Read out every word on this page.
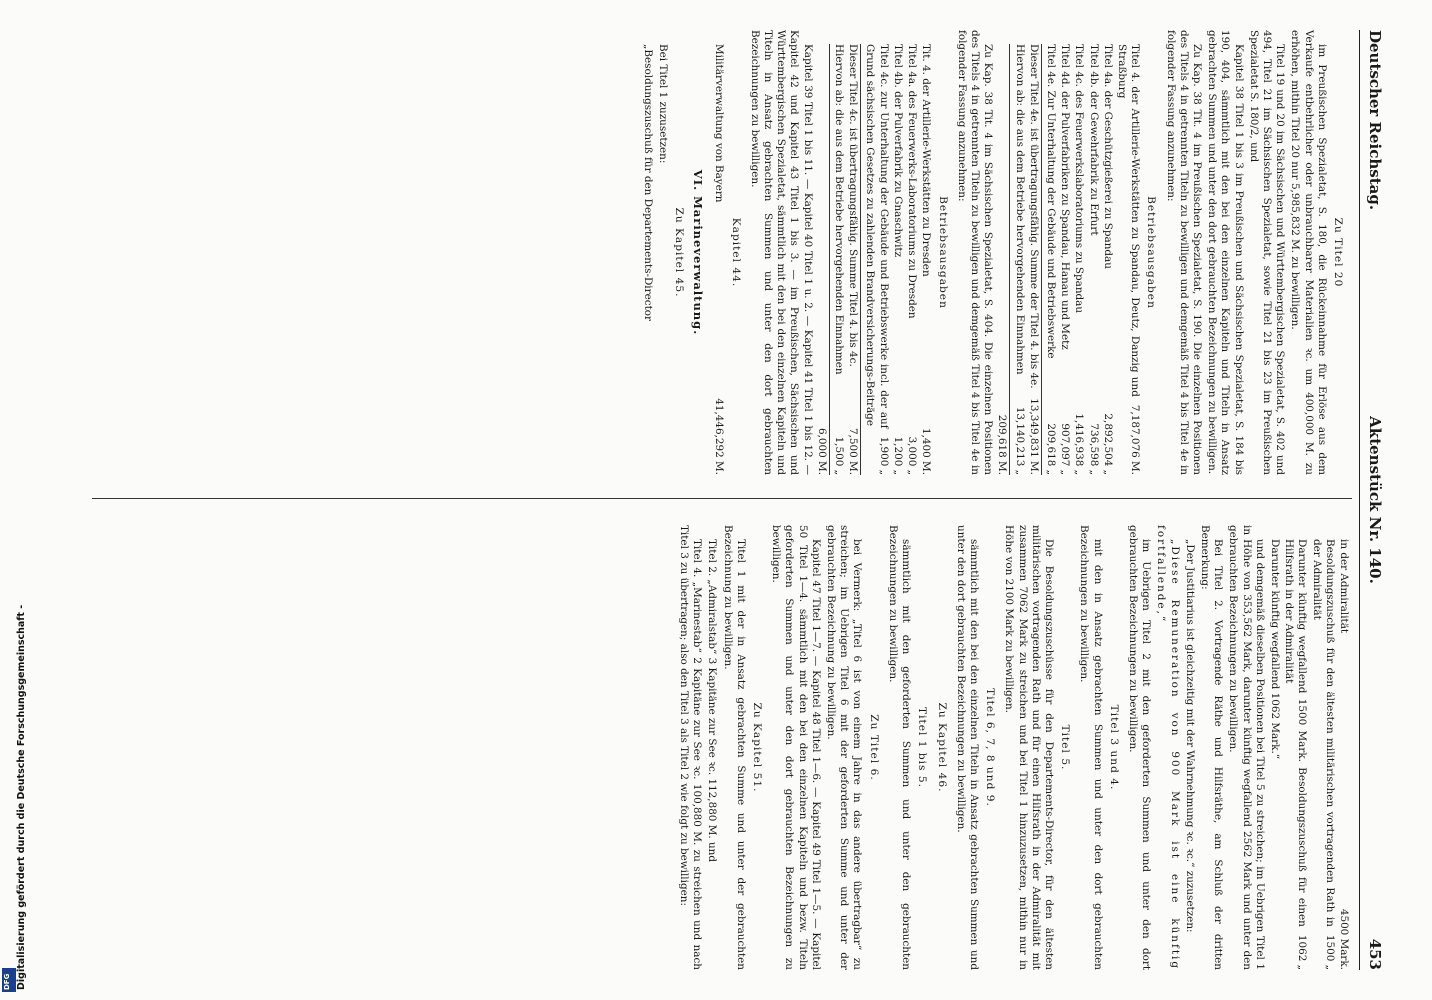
Deutscher Reichstag.
Aktenstück Nr. 140.
453
Zu Titel 20

im Preußischen Spezialetat, S. 180, die Rückeinnahme für Erlöse aus dem Verkaufe entbehrlicher oder unbrauchbarer Materialien ꝛc. um 400,000 M. zu erhöhen, mithin Titel 20 nur 5,985,832 M. zu bewilligen.

Titel 19 und 20 im Sächsischen und Württembergischen Spezialetat, S. 402 und 494, Titel 21 im Sächsischen Spezialetat, sowie Titel 21 bis 23 im Preußischen Spezialetat S. 180/2, und

Kapitel 38 Titel 1 bis 3 im Preußischen und Sächsischen Spezialetat, S. 184 bis 190, 404, sämmtlich mit den bei den einzelnen Kapiteln und Titeln in Ansatz gebrachten Summen und unter den dort gebrauchten Bezeichnungen zu bewilligen.

Zu Kap. 38 Tit. 4 im Preußischen Spezialetat, S. 190. Die einzelnen Positionen des Titels 4 in getrennten Titeln zu bewilligen und demgemäß Titel 4 bis Titel 4e in folgender Fassung anzunehmen:

Betriebsausgaben
Titel 4. der Artillerie-Werkstätten zu Spandau, Deutz, Danzig und Straßburg
7,187,076 M.
Titel 4a. der Geschützgießerei zu Spandau
2,892,504 „
Titel 4b. der Gewehrfabrik zu Erfurt
736,598 „
Titel 4c. des Feuerwerkslaboratoriums zu Spandau
1,416,938 „
Titel 4d. der Pulverfabriken zu Spandau, Hanau und Metz
907,097 „
Titel 4e. Zur Unterhaltung der Gebäude und Betriebswerke
209,618 „
Dieser Titel 4e. ist übertragungsfähig. Summe der Titel 4. bis 4e.
13,349,831 M.
Hiervon ab: die aus dem Betriebe hervorgehenden Einnahmen
13,140,213 „
209,618 M.

Zu Kap. 38 Tit. 4 im Sächsischen Spezialetat, S. 404. Die einzelnen Positionen des Titels 4 in getrennten Titeln zu bewilligen und demgemäß Titel 4 bis Titel 4e in folgender Fassung anzunehmen:

Betriebsausgaben
Tit. 4. der Artillerie-Werkstätten zu Dresden
1,400 M.
Titel 4a. des Feuerwerks-Laboratoriums zu Dresden
3,000 „
Titel 4b. der Pulverfabrik zu Gnaschwitz
1,200 „
Titel 4c. zur Unterhaltung der Gebäude und Betriebswerke incl. der auf Grund sächsischen Gesetzes zu zahlenden Brandversicherungs-Beiträge
1,900 „
Dieser Titel 4c. ist übertragungsfähig. Summe Titel 4. bis 4c.
7,500 M.
Hiervon ab: die aus dem Betriebe hervorgehenden Einnahmen
1,500 „
6,000 M.

Kapitel 39 Titel 1 bis 11. — Kapitel 40 Titel 1 u. 2. — Kapitel 41 Titel 1 bis 12. — Kapitel 42 und Kapitel 43 Titel 1 bis 3. — im Preußischen, Sächsischen und Württembergischen Spezialetat, sämmtlich mit den bei den einzelnen Kapiteln und Titeln in Ansatz gebrachten Summen und unter den dort gebrauchten Bezeichnungen zu bewilligen.

Kapitel 44.
Militärverwaltung von Bayern
41,446,292 M.
VI. Marineverwaltung.
Zu Kapitel 45.

Bei Titel 1 zuzusetzen:

„Besoldungszuschuß für den Departements-Director

in der Admiralität
4500 Mark.
Besoldungszuschuß für den ältesten militärischen vortragenden Rath in der Admiralität
1500 „
Darunter künftig wegfallend 1500 Mark. Besoldungszuschuß für einen Hilfsrath in der Admiralität
1062 „

Darunter künftig wegfallend 1062 Mark.“

und demgemäß dieselben Positionen bei Titel 5 zu streichen; im Uebrigen Titel 1 in Höhe von 353,562 Mark, darunter künftig wegfallend 2562 Mark und unter den gebrauchten Bezeichnungen zu bewilligen.

Bei Titel 2. Vortragende Räthe und Hilfsräthe, am Schluß der dritten Bemerkung:

„Der Justitiarius ist gleichzeitig mit der Wahrnehmung ꝛc. ꝛc.“ zuzusetzen:

„Diese Remuneration von 900 Mark ist eine künftig fortfallende,“

im Uebrigen Titel 2 mit den geforderten Summen und unter den dort gebrauchten Bezeichnungen zu bewilligen.

Titel 3 und 4.

mit den in Ansatz gebrachten Summen und unter den dort gebrauchten Bezeichnungen zu bewilligen.

Titel 5.

Die Besoldungszuschüsse für den Departements-Director, für den ältesten militärischen vortragenden Rath und für einen Hilfsrath in der Admiralität mit zusammen 7062 Mark zu streichen und bei Titel 1 hinzuzusetzen, mithin nur in Höhe von 2100 Mark zu bewilligen.

Titel 6, 7, 8 und 9.

sämmtlich mit den bei den einzelnen Titeln in Ansatz gebrachten Summen und unter den dort gebrauchten Bezeichnungen zu bewilligen.

Zu Kapitel 46.
Titel 1 bis 5.

sämmtlich mit den geforderten Summen und unter den gebrauchten Bezeichnungen zu bewilligen.

Zu Titel 6.

bei Vermerk: „Titel 6 ist von einem Jahre in das andere übertragbar“ zu streichen; im Uebrigen Titel 6 mit der geforderten Summe und unter der gebrauchten Bezeichnung zu bewilligen.

Kapitel 47 Titel 1—7. — Kapitel 48 Titel 1—6. — Kapitel 49 Titel 1—5. — Kapitel 50 Titel 1—4. sämmtlich mit den bei den einzelnen Kapiteln und bezw. Titeln geforderten Summen und unter den dort gebrauchten Bezeichnungen zu bewilligen.

Zu Kapitel 51.

Titel 1 mit der in Ansatz gebrachten Summe und unter der gebrauchten Bezeichnung zu bewilligen.

Titel 2. „Admiralstab“ 3 Kapitäne zur See ꝛc. 112,880 M. und

Titel 4. „Marinestab“ 2 Kapitäne zur See ꝛc. 100,880 M. zu streichen und nach Titel 3 zu übertragen; also den Titel 3 als Titel 2 wie folgt zu bewilligen:

Digitalisierung gefördert durch die Deutsche Forschungsgemeinschaft -
DFG
